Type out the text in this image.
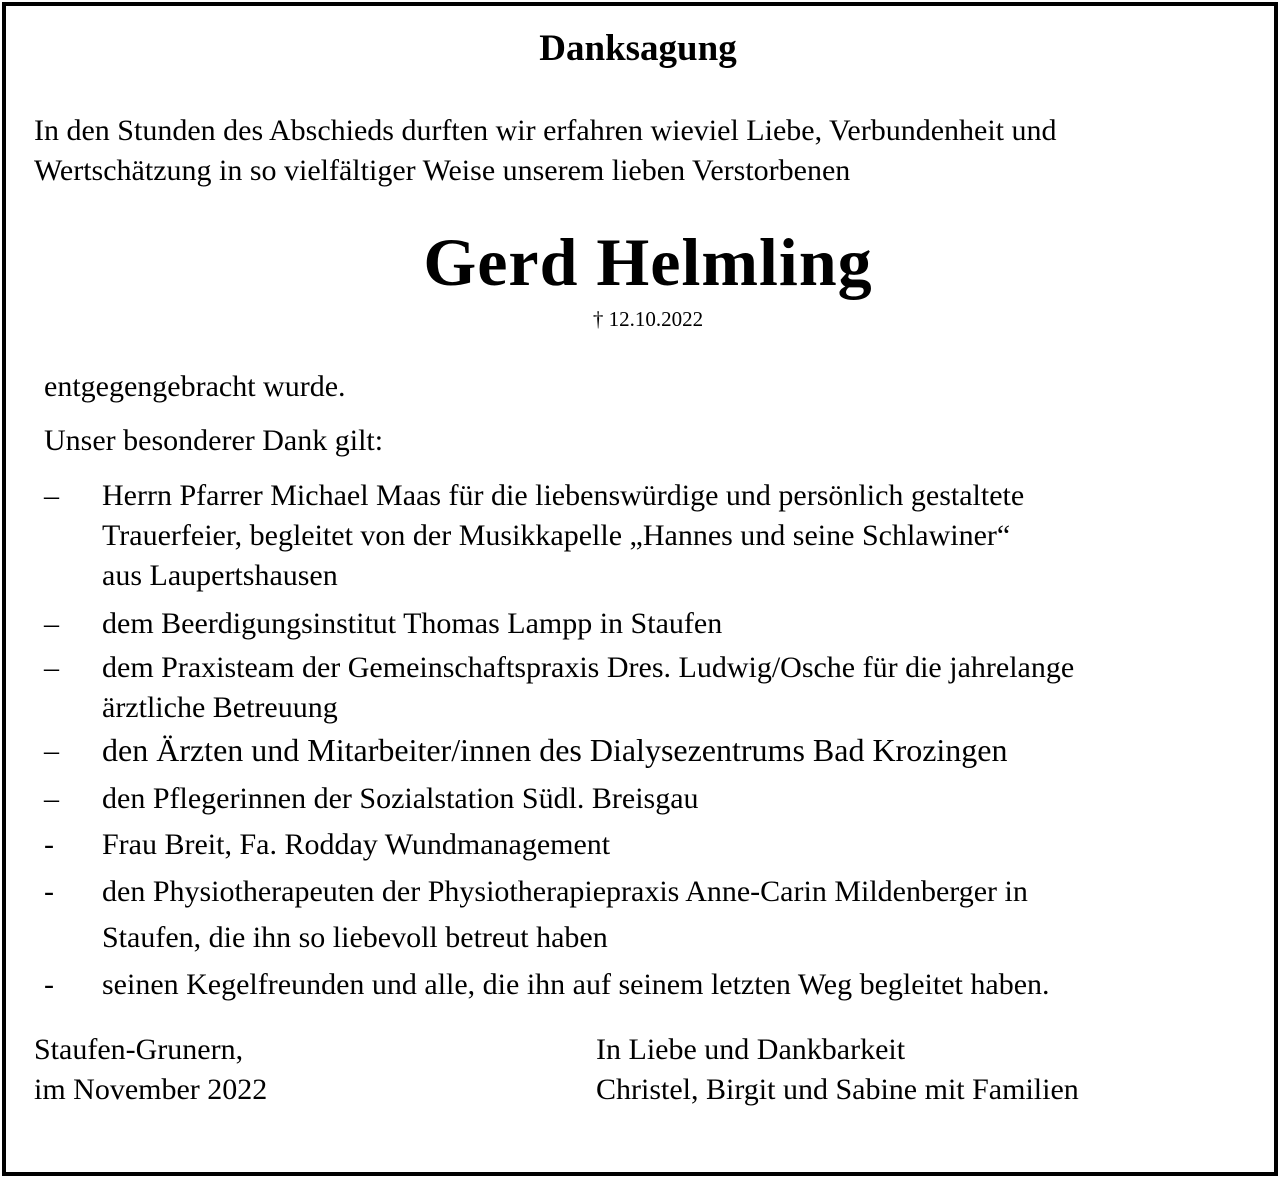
Danksagung
In den Stunden des Abschieds durften wir erfahren wieviel Liebe, Verbundenheit und
Wertschätzung in so vielfältiger Weise unserem lieben Verstorbenen
Gerd Helmling
† 12.10.2022
entgegengebracht wurde.
Unser besonderer Dank gilt:
– Herrn Pfarrer Michael Maas für die liebenswürdige und persönlich gestaltete
Trauerfeier, begleitet von der Musikkapelle „Hannes und seine Schlawiner“
aus Laupertshausen
– dem Beerdigungsinstitut Thomas Lampp in Staufen
– dem Praxisteam der Gemeinschaftspraxis Dres. Ludwig/Osche für die jahrelange
ärztliche Betreuung
– den Ärzten und Mitarbeiter/innen des Dialysezentrums Bad Krozingen
– den Pflegerinnen der Sozialstation Südl. Breisgau
- Frau Breit, Fa. Rodday Wundmanagement
- den Physiotherapeuten der Physiotherapiepraxis Anne-Carin Mildenberger in
Staufen, die ihn so liebevoll betreut haben
- seinen Kegelfreunden und alle, die ihn auf seinem letzten Weg begleitet haben.
Staufen-Grunern,
im November 2022
In Liebe und Dankbarkeit
Christel, Birgit und Sabine mit Familien
